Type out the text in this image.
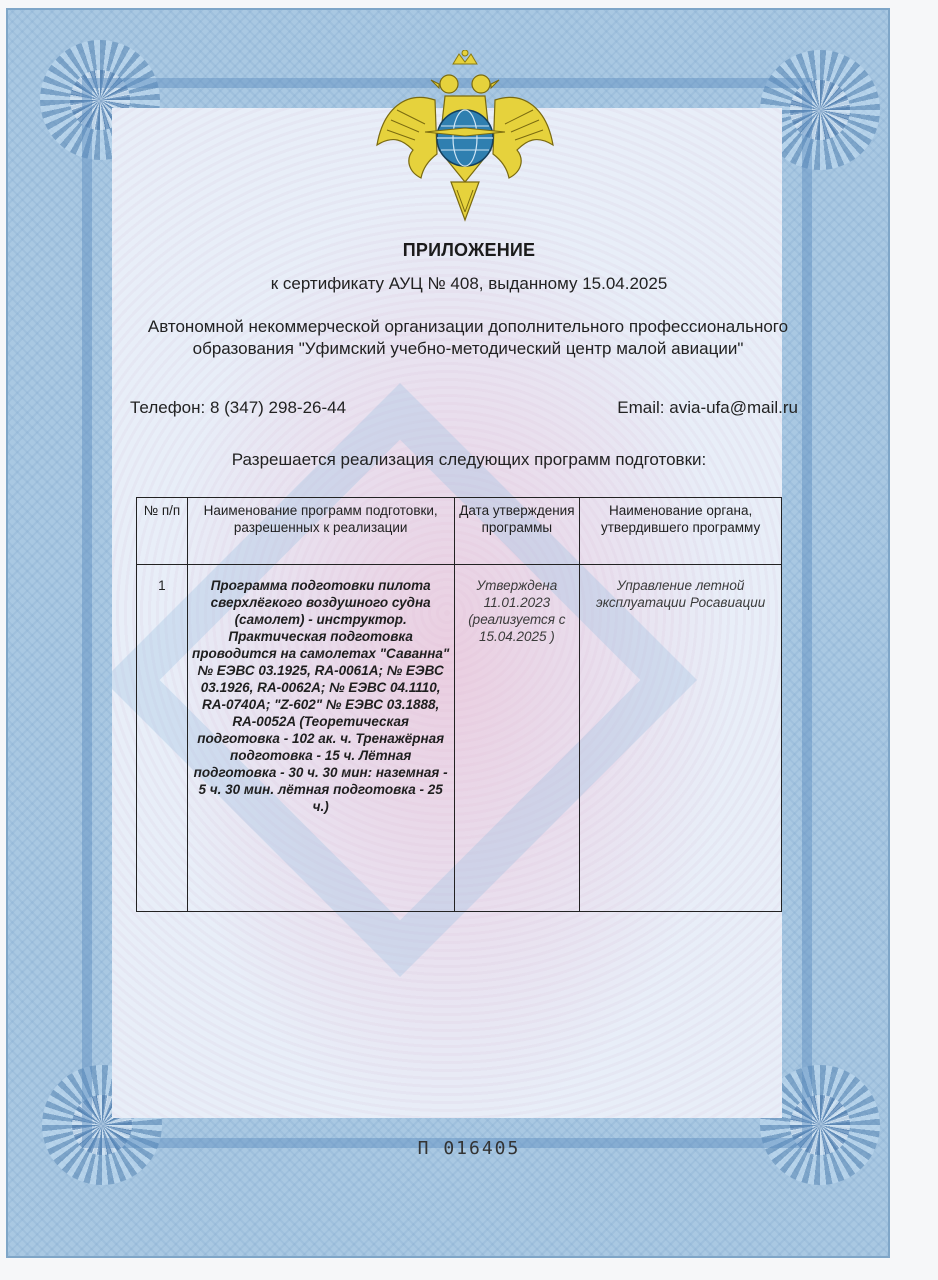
ПРИЛОЖЕНИЕ
к сертификату АУЦ № 408, выданному 15.04.2025
Автономной некоммерческой организации дополнительного профессионального образования "Уфимский учебно-методический центр малой авиации"
Телефон: 8 (347) 298-26-44	Email: avia-ufa@mail.ru
Разрешается реализация следующих программ подготовки:
№ п/п	Наименование программ подготовки, разрешенных к реализации	Дата утверждения программы	Наименование органа, утвердившего программу
1	Программа подготовки пилота сверхлёгкого воздушного судна (самолет) - инструктор. Практическая подготовка проводится на самолетах "Саванна" № ЕЭВС 03.1925, RA-0061A; № ЕЭВС 03.1926, RA-0062A; № ЕЭВС 04.1110, RA-0740A; "Z-602" № ЕЭВС 03.1888, RA-0052A (Теоретическая подготовка - 102 ак. ч. Тренажёрная подготовка - 15 ч. Лётная подготовка - 30 ч. 30 мин: наземная - 5 ч. 30 мин. лётная подготовка - 25 ч.)	Утверждена 11.01.2023 (реализуется с 15.04.2025 )	Управление летной эксплуатации Росавиации
П 016405
